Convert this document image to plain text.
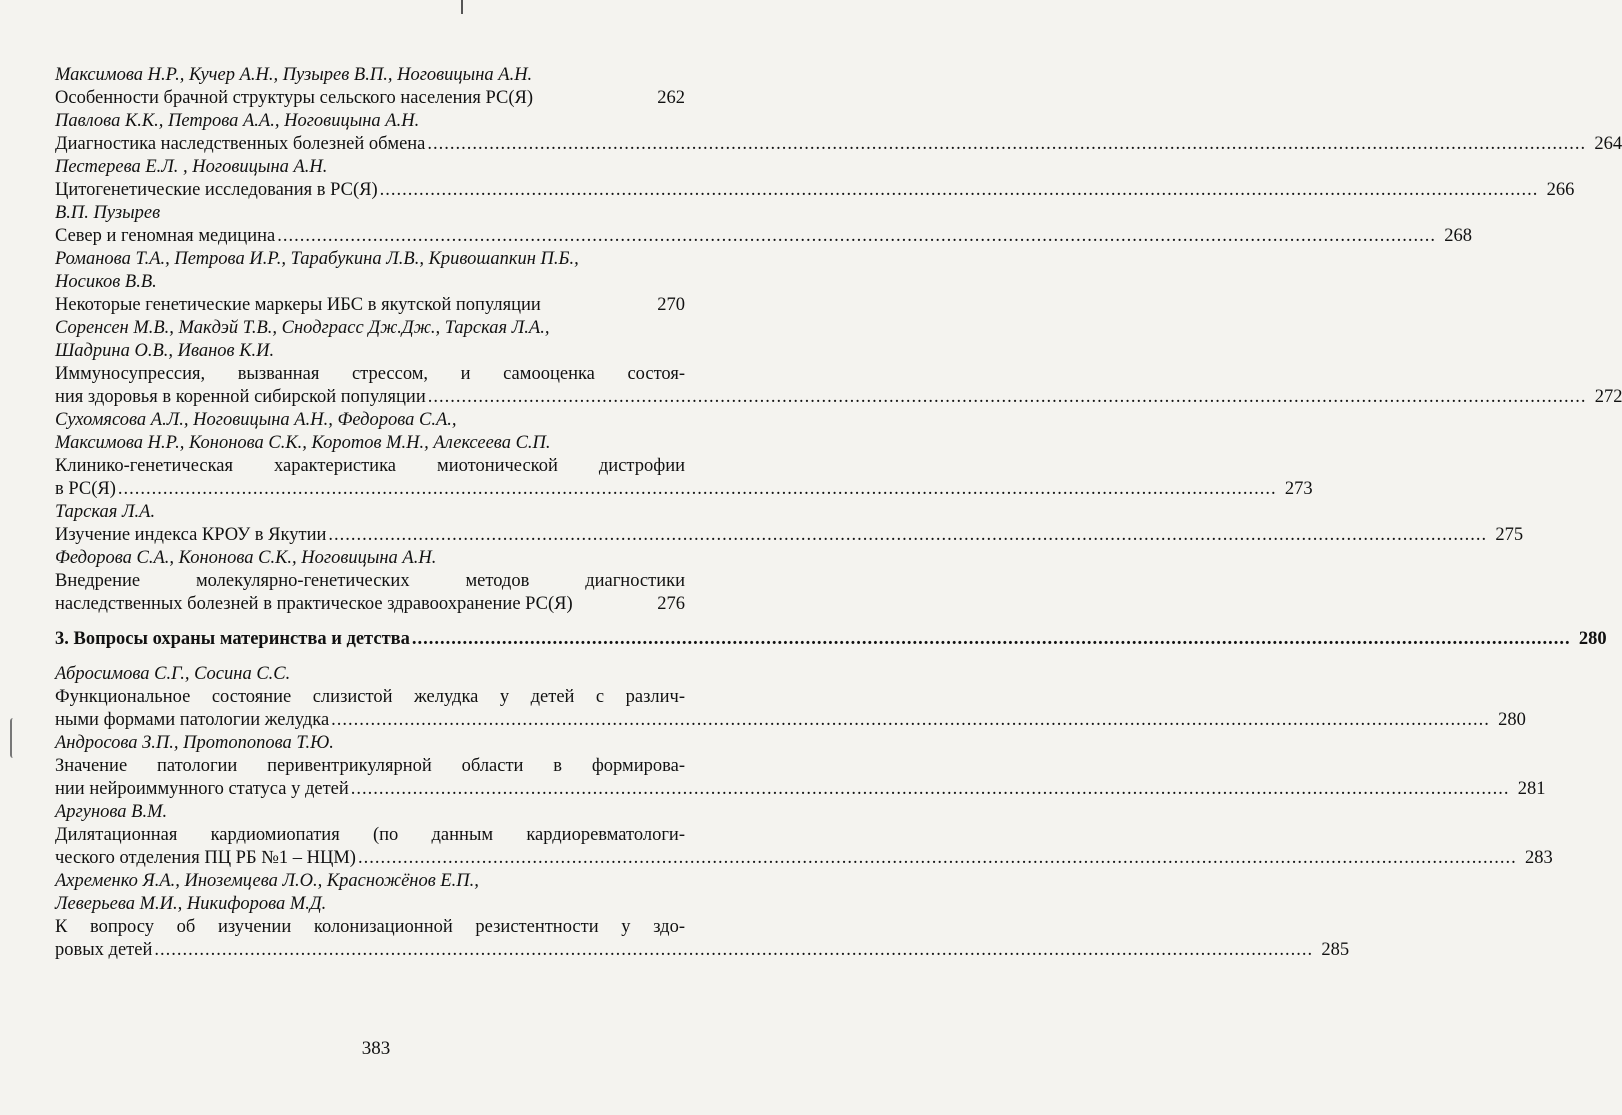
Максимова Н.Р., Кучер А.Н., Пузырев В.П., Ноговицына А.Н.
Особенности брачной структуры сельского населения РС(Я)	262
Павлова К.К., Петрова А.А., Ноговицына А.Н.
Диагностика наследственных болезней обмена .....	264
Пестерева Е.Л. , Ноговицына А.Н.
Цитогенетические исследования в РС(Я) .....	266
В.П. Пузырев
Север и геномная медицина .....	268
Романова Т.А., Петрова И.Р., Тарабукина Л.В., Кривошапкин П.Б.,
Носиков В.В.
Некоторые генетические маркеры ИБС в якутской популяции	270
Соренсен М.В., Макдэй Т.В., Снодграсс Дж.Дж., Тарская Л.А.,
Шадрина О.В., Иванов К.И.
Иммуносупрессия, вызванная стрессом, и самооценка состоя-
ния здоровья в коренной сибирской популяции .....	272
Сухомясова А.Л., Ноговицына А.Н., Федорова С.А.,
Максимова Н.Р., Кононова С.К., Коротов М.Н., Алексеева С.П.
Клинико-генетическая характеристика миотонической дистрофии
в РС(Я) .....	273
Тарская Л.А.
Изучение индекса КРОУ в Якутии .....	275
Федорова С.А., Кононова С.К., Ноговицына А.Н.
Внедрение молекулярно-генетических методов диагностики
наследственных болезней в практическое здравоохранение РС(Я)	276
3. Вопросы охраны материнства и детства .....	280
Абросимова С.Г., Сосина С.С.
Функциональное состояние слизистой желудка у детей с различ-
ными формами патологии желудка .....	280
Андросова З.П., Протопопова Т.Ю.
Значение патологии перивентрикулярной области в формирова-
нии нейроиммунного статуса у детей .....	281
Аргунова В.М.
Дилятационная кардиомиопатия (по данным кардиоревматологи-
ческого отделения ПЦ РБ №1 – НЦМ) .....	283
Ахременко Я.А., Иноземцева Л.О., Красножёнов Е.П.,
Леверьева М.И., Никифорова М.Д.
К вопросу об изучении колонизационной резистентности у здо-
ровых детей .....	285
383
